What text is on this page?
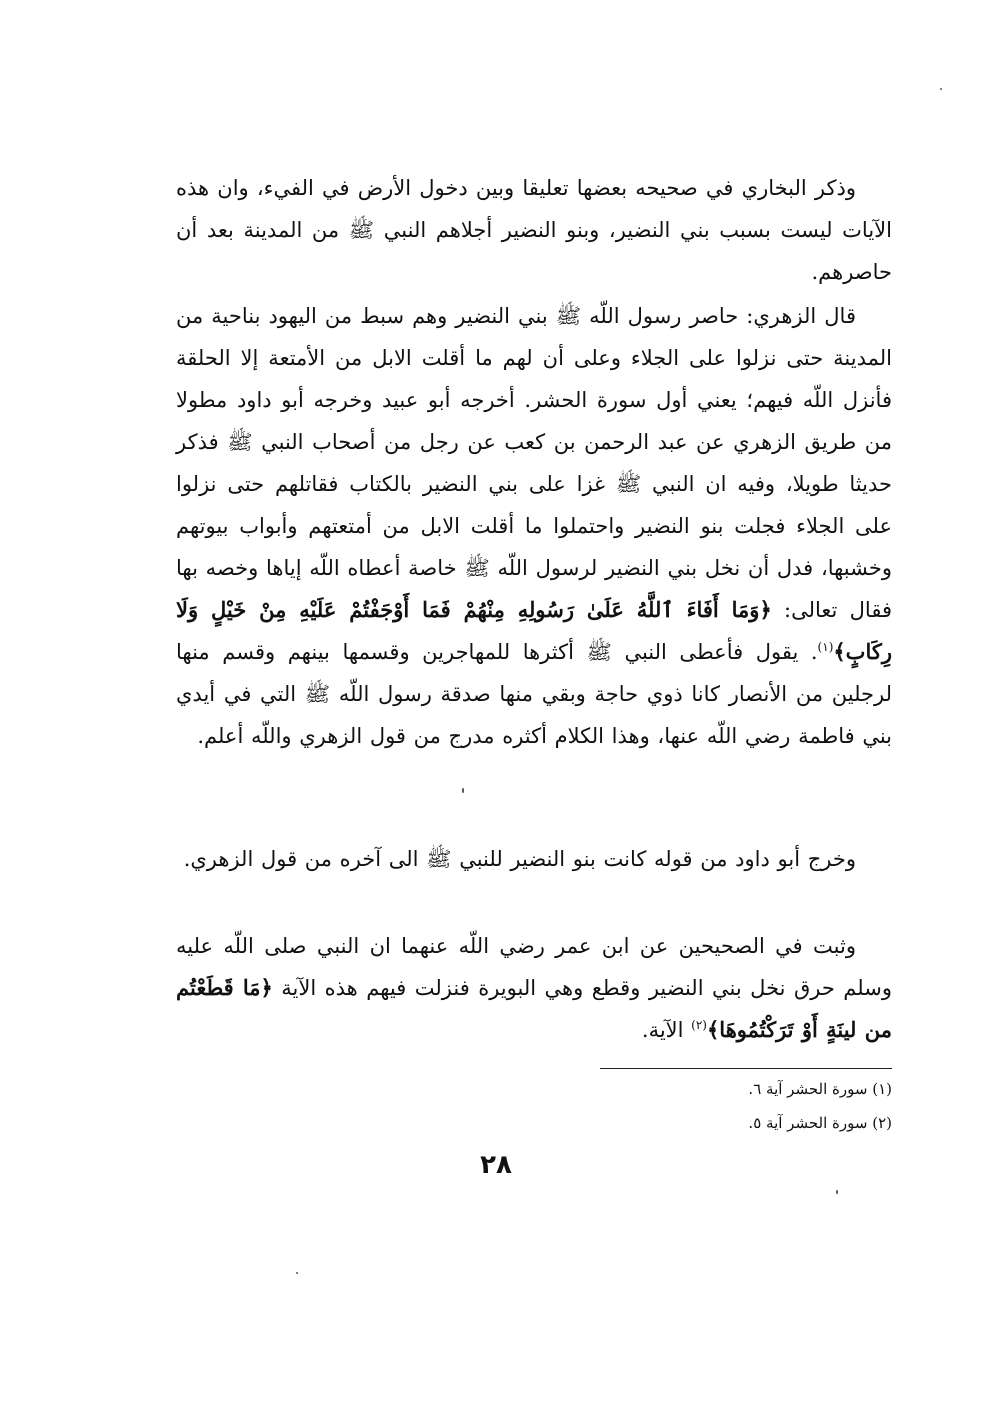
وذكر البخاري في صحيحه بعضها تعليقا وبين دخول الأرض في الفيء، وان هذه الآيات ليست بسبب بني النضير، وبنو النضير أجلاهم النبي ﷺ من المدينة بعد أن حاصرهم.

قال الزهري: حاصر رسول اللّه ﷺ بني النضير وهم سبط من اليهود بناحية من المدينة حتى نزلوا على الجلاء وعلى أن لهم ما أقلت الابل من الأمتعة إلا الحلقة فأنزل اللّه فيهم؛ يعني أول سورة الحشر. أخرجه أبو عبيد وخرجه أبو داود مطولا من طريق الزهري عن عبد الرحمن بن كعب عن رجل من أصحاب النبي ﷺ فذكر حديثا طويلا، وفيه ان النبي ﷺ غزا على بني النضير بالكتاب فقاتلهم حتى نزلوا على الجلاء فجلت بنو النضير واحتملوا ما أقلت الابل من أمتعتهم وأبواب بيوتهم وخشبها، فدل أن نخل بني النضير لرسول اللّه ﷺ خاصة أعطاه اللّه إياها وخصه بها فقال تعالى: ﴿وَمَا أَفَاءَ ٱللَّهُ عَلَىٰ رَسُولِهِ مِنْهُمْ فَمَا أَوْجَفْتُمْ عَلَيْهِ مِنْ خَيْلٍ وَلَا رِكَابٍ﴾$^{(١)}$. يقول فأعطى النبي ﷺ أكثرها للمهاجرين وقسمها بينهم وقسم منها لرجلين من الأنصار كانا ذوي حاجة وبقي منها صدقة رسول اللّه ﷺ التي في أيدي بني فاطمة رضي اللّه عنها، وهذا الكلام أكثره مدرج من قول الزهري واللّه أعلم.

وخرج أبو داود من قوله كانت بنو النضير للنبي ﷺ الى آخره من قول الزهري.

وثبت في الصحيحين عن ابن عمر رضي اللّه عنهما ان النبي صلى اللّه عليه وسلم حرق نخل بني النضير وقطع وهي البويرة فنزلت فيهم هذه الآية ﴿مَا قَطَعْتُم من لينَةٍ أَوْ تَرَكْتُمُوهَا﴾$^{(٢)}$ الآية.

(١) سورة الحشر آية ٦.
(٢) سورة الحشر آية ٥.
٢٨
